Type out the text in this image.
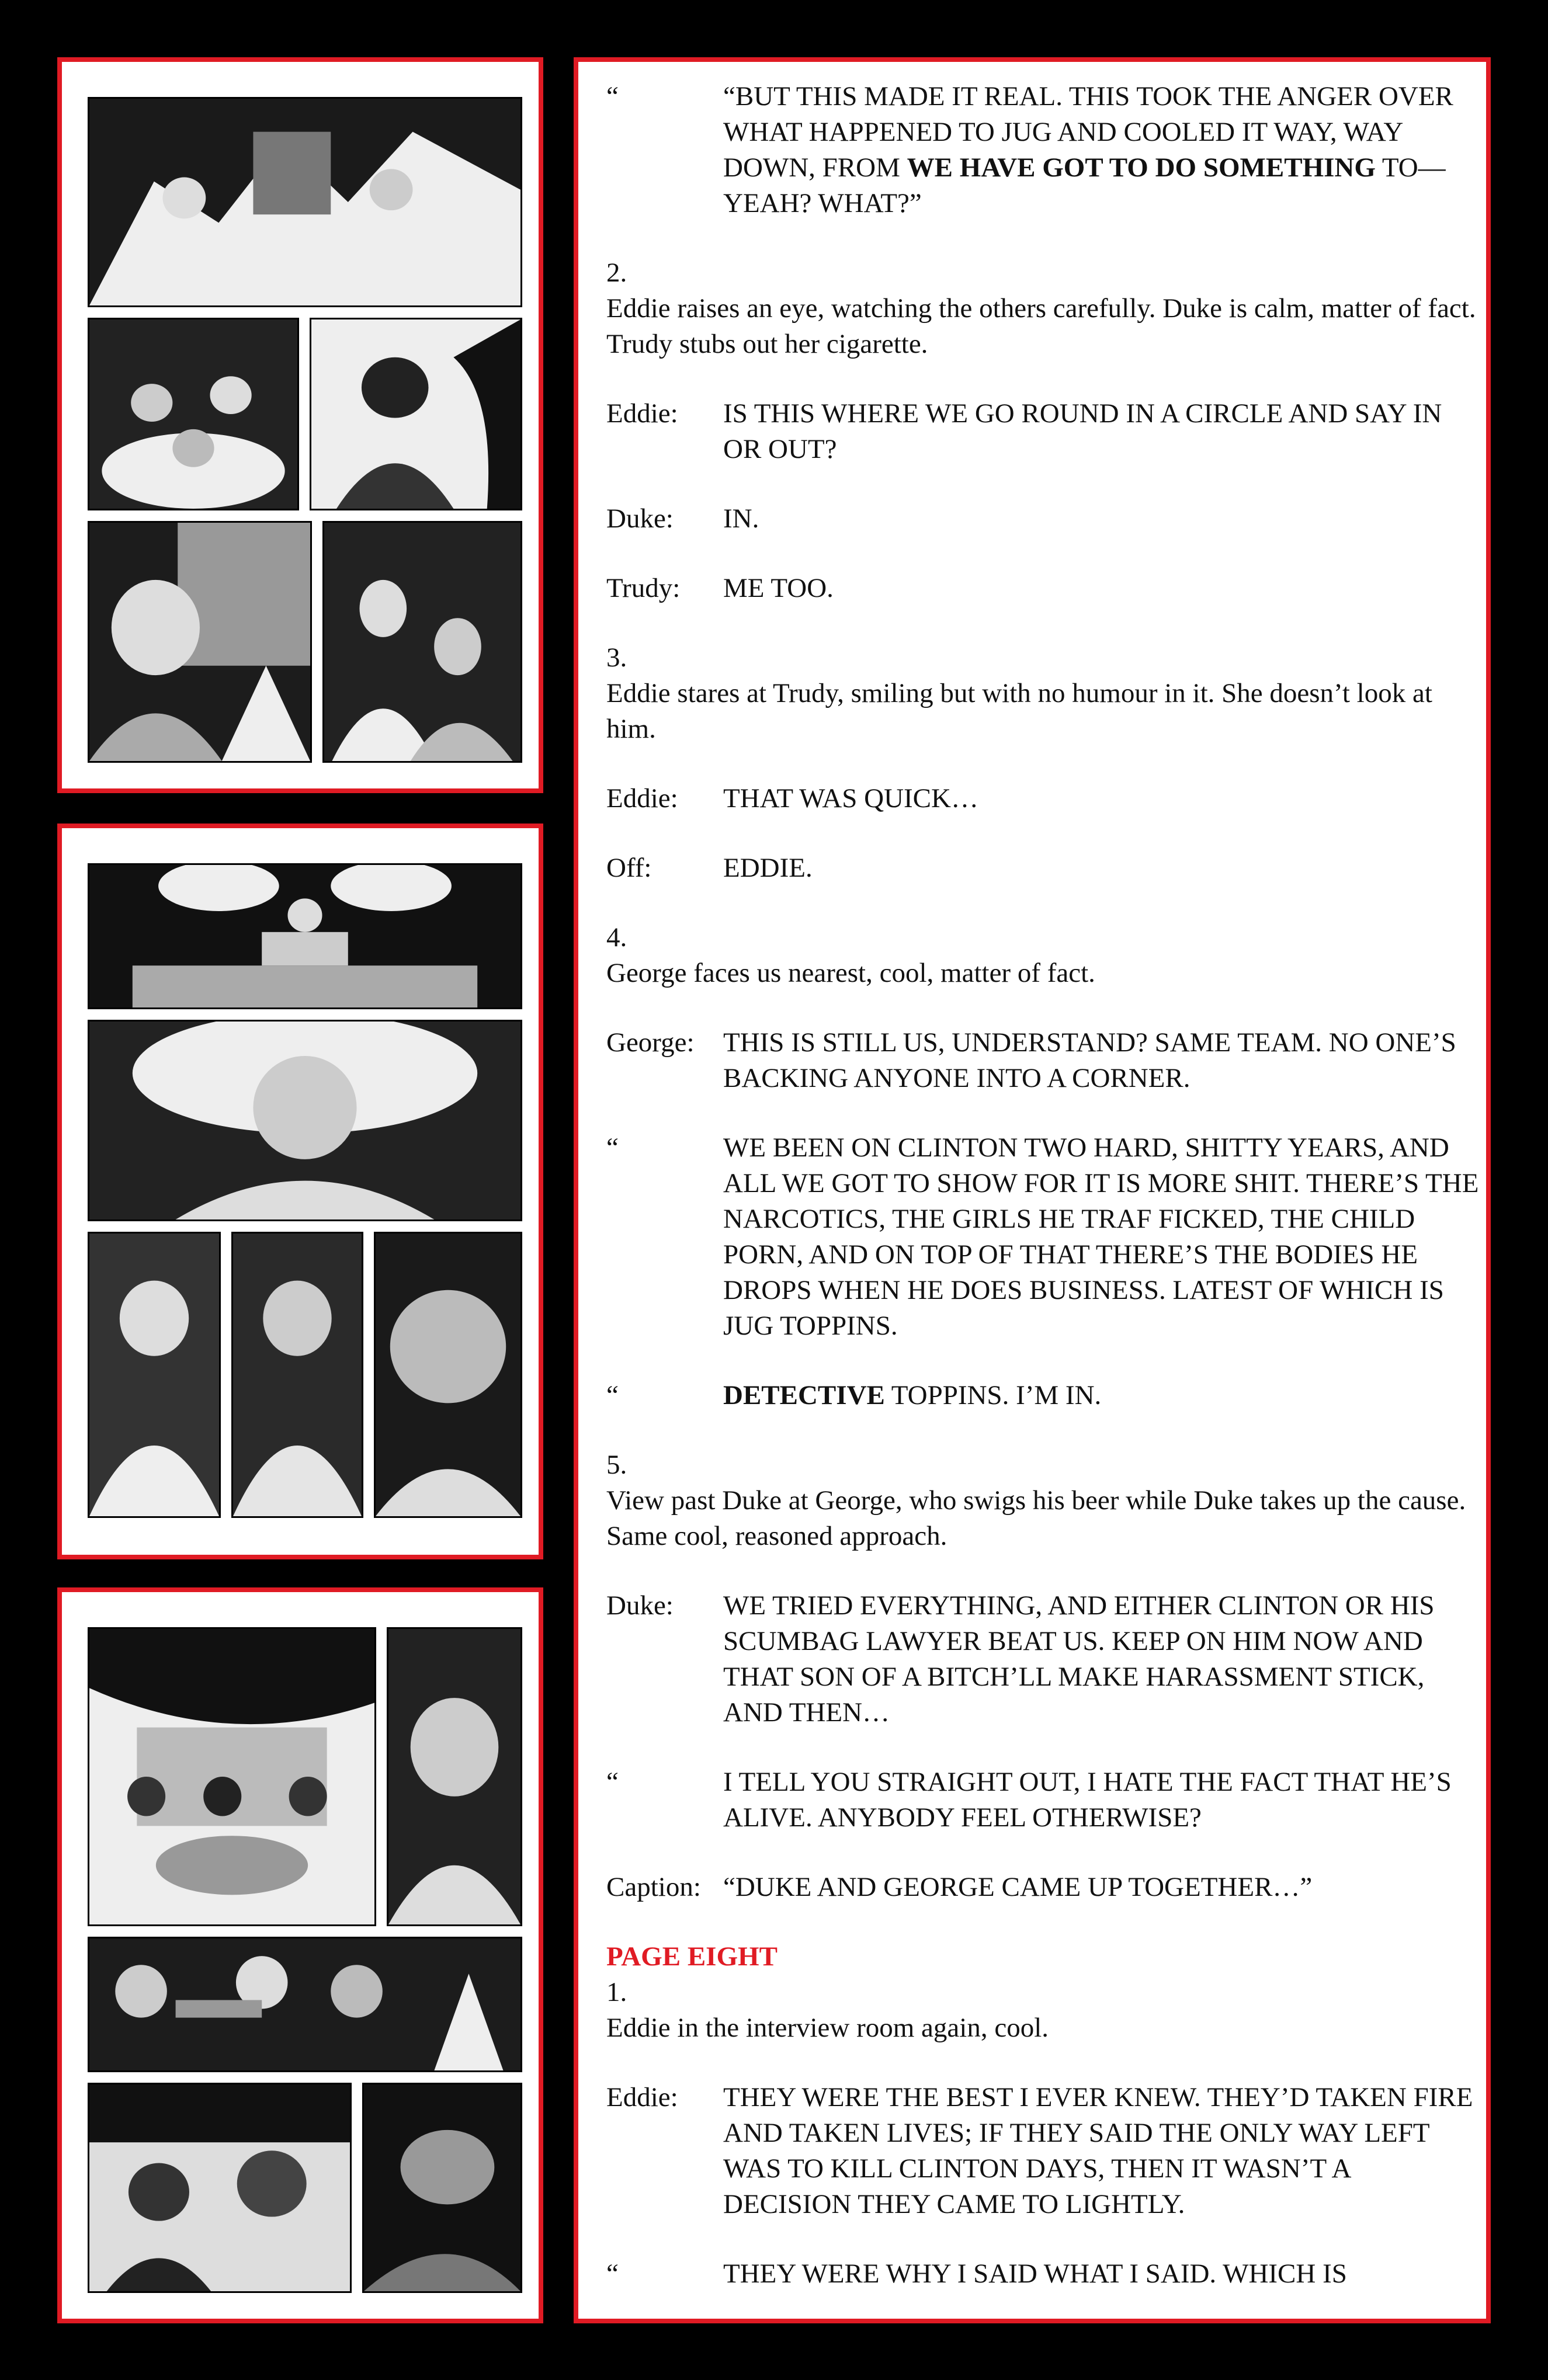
“	“BUT THIS MADE IT REAL. THIS TOOK THE ANGER OVER WHAT HAPPENED TO JUG AND COOLED IT WAY, WAY DOWN, FROM WE HAVE GOT TO DO SOMETHING TO—YEAH? WHAT?”
2.
Eddie raises an eye, watching the others carefully. Duke is calm, matter of fact. Trudy stubs out her cigarette.
Eddie:	IS THIS WHERE WE GO ROUND IN A CIRCLE AND SAY IN OR OUT?
Duke:	IN.
Trudy:	ME TOO.
3.
Eddie stares at Trudy, smiling but with no humour in it. She doesn’t look at him.
Eddie:	THAT WAS QUICK…
Off:	EDDIE.
4.
George faces us nearest, cool, matter of fact.
George:	THIS IS STILL US, UNDERSTAND? SAME TEAM. NO ONE’S BACKING ANYONE INTO A CORNER.
“	WE BEEN ON CLINTON TWO HARD, SHITTY YEARS, AND ALL WE GOT TO SHOW FOR IT IS MORE SHIT. THERE’S THE NARCOTICS, THE GIRLS HE TRAF FICKED, THE CHILD PORN, AND ON TOP OF THAT THERE’S THE BODIES HE DROPS WHEN HE DOES BUSINESS. LATEST OF WHICH IS JUG TOPPINS.
“	DETECTIVE TOPPINS. I’M IN.
5.
View past Duke at George, who swigs his beer while Duke takes up the cause. Same cool, reasoned approach.
Duke:	WE TRIED EVERYTHING, AND EITHER CLINTON OR HIS SCUMBAG LAWYER BEAT US. KEEP ON HIM NOW AND THAT SON OF A BITCH’LL MAKE HARASSMENT STICK, AND THEN…
“	I TELL YOU STRAIGHT OUT, I HATE THE FACT THAT HE’S ALIVE. ANYBODY FEEL OTHERWISE?
Caption: “DUKE AND GEORGE CAME UP TOGETHER…”
PAGE EIGHT
1.
Eddie in the interview room again, cool.
Eddie:	THEY WERE THE BEST I EVER KNEW. THEY’D TAKEN FIRE AND TAKEN LIVES; IF THEY SAID THE ONLY WAY LEFT WAS TO KILL CLINTON DAYS, THEN IT WASN’T A DECISION THEY CAME TO LIGHTLY.
“	THEY WERE WHY I SAID WHAT I SAID. WHICH IS
